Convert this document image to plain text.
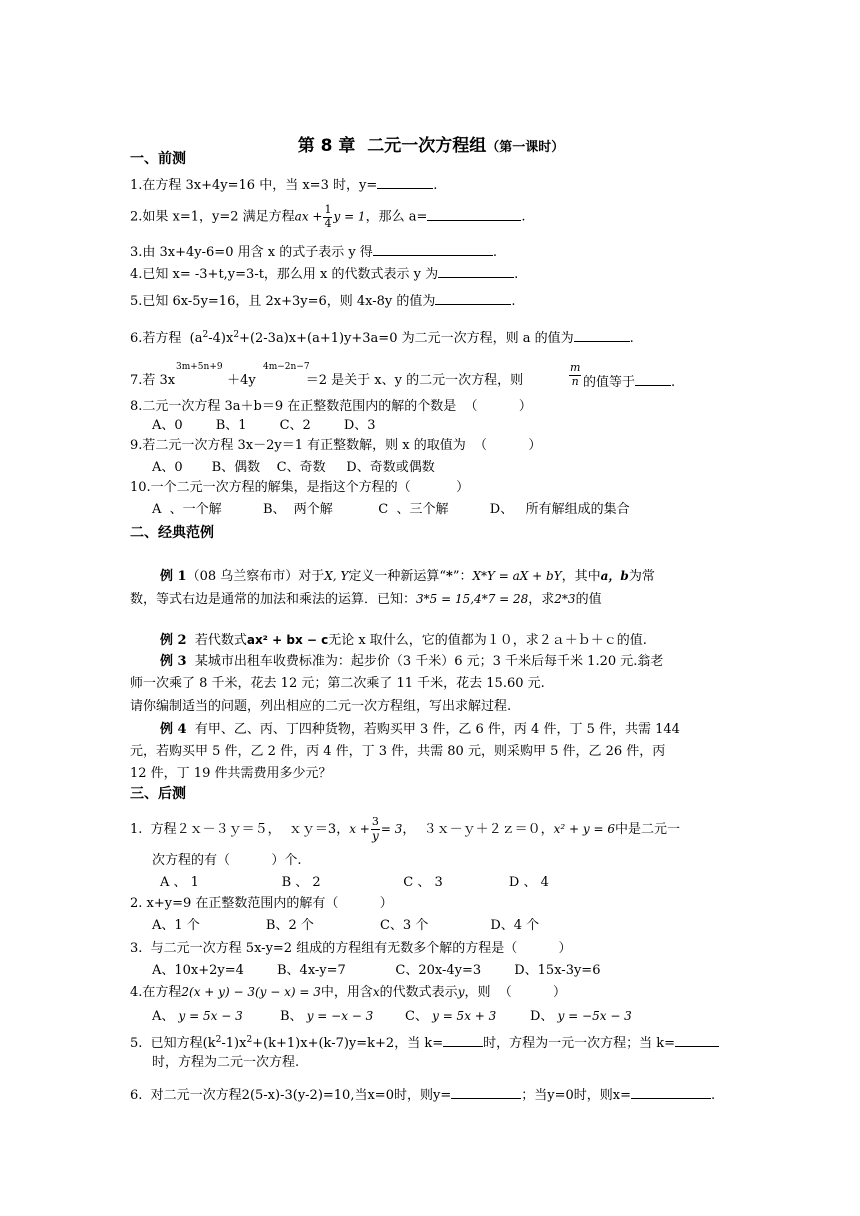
第 8 章  二元一次方程组（第一课时）

一、前测
1.在方程 3x+4y=16 中，当 x=3 时，y=	.
2.如果 x=1，y=2 满足方程ax + $\frac{1}{4}$ y = 1，那么 a=	.
3.由 3x+4y-6=0 用含 x 的式子表示 y 得	.
4.已知 x= -3+t,y=3-t，那么用 x 的代数式表示 y 为	.
5.已知 6x-5y=16，且 2x+3y=6，则 4x-8y 的值为	.
6.若方程  $(a^2-4)x^2+(2-3a)x+(a+1)y+3a=0$ 为二元一次方程，则 a 的值为	.
3m+5n+9	4m−2n−7
7.若 3x	＋4y	＝2 是关于 x、y 的二元一次方程，则	$\frac{m}{n}$ 的值等于	.
8.二元一次方程 3a＋b＝9 在正整数范围内的解的个数是  （          ）
A、0        B、1        C、2        D、3
9.若二元一次方程 3x－2y＝1 有正整数解，则 x 的取值为  （          ）
A、0       B、偶数    C、奇数     D、奇数或偶数
10.一个二元一次方程的解集，是指这个方程的（           ）
A  、一个解          B、  两个解           C  、三个解          D、   所有解组成的集合
二、经典范例
例 1（08 乌兰察布市）对于X, Y定义一种新运算“*”：X*Y = aX + bY，其中a，b为常
数，等式右边是通常的加法和乘法的运算．已知：3*5 = 15,4*7 = 28，求2*3的值
例 2  若代数式ax² + bx − c无论 x 取什么，它的值都为１０，求２ａ＋ｂ＋ｃ的值.
例 3  某城市出租车收费标准为：起步价（3 千米）6 元；3 千米后每千米 1.20 元.翁老
师一次乘了 8 千米，花去 12 元；第二次乘了 11 千米，花去 15.60 元.
请你编制适当的问题，列出相应的二元一次方程组，写出求解过程.
例 4  有甲、乙、丙、丁四种货物，若购买甲 3 件，乙 6 件，丙 4 件，丁 5 件，共需 144
元，若购买甲 5 件，乙 2 件，丙 4 件，丁 3 件，共需 80 元，则采购甲 5 件，乙 26 件，丙
12 件，丁 19 件共需费用多少元？
三、后测
1.  方程２ｘ－３ｙ＝５，  ｘｙ＝3，$x + \frac{3}{y} = 3$，  ３ｘ－ｙ＋２ｚ＝０，x² + y = 6中是二元一
次方程的有（          ）个.
A 、 1                    B 、 2                    C 、 3                D 、 4
2. x+y=9 在正整数范围内的解有（          ）
A、1 个                B、2 个                C、3 个               D、4 个
3.  与二元一次方程 5x-y=2 组成的方程组有无数多个解的方程是（          ）
A、10x+2y=4        B、4x-y=7            C、20x-4y=3        D、15x-3y=6
4.在方程2(x + y) − 3(y − x) = 3中，用含x的代数式表示y，则  （          ）
A、 y = 5x − 3	B、 y = −x − 3 C、 y = 5x + 3	D、 y = −5x − 3
5.  已知方程$(k^2-1)x^2+(k+1)x+(k-7)y=k+2$，当 k=	时，方程为一元一次方程；当 k=
时，方程为二元一次方程.
6.  对二元一次方程2(5-x)-3(y-2)=10,当x=0时，则y=	；当y=0时，则x=	.
